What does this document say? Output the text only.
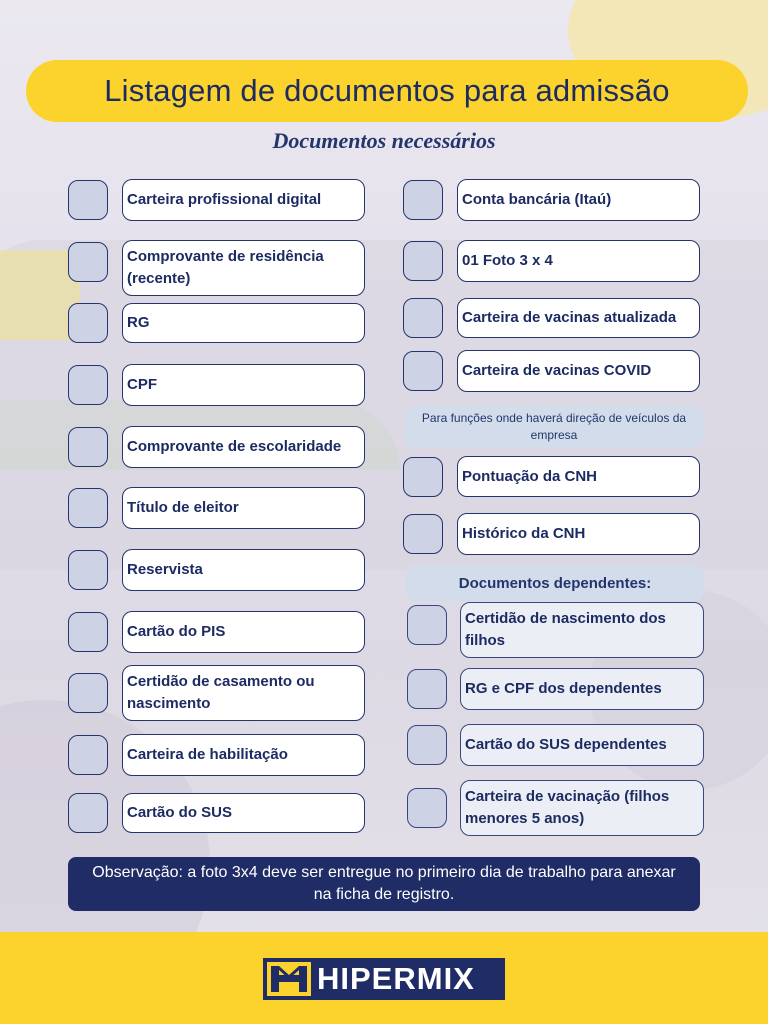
Listagem de documentos para admissão
Documentos necessários
Carteira profissional digital
Comprovante de residência (recente)
RG
CPF
Comprovante de escolaridade
Título de eleitor
Reservista
Cartão do PIS
Certidão de casamento ou nascimento
Carteira de habilitação
Cartão do SUS
Conta bancária (Itaú)
01 Foto 3 x 4
Carteira de vacinas atualizada
Carteira de vacinas COVID
Para funções onde haverá direção de veículos da empresa
Pontuação da CNH
Histórico da CNH
Documentos dependentes:
Certidão de nascimento dos filhos
RG e CPF dos dependentes
Cartão do SUS dependentes
Carteira de vacinação (filhos menores 5 anos)
Observação: a foto 3x4 deve ser entregue no primeiro dia de trabalho para anexar na ficha de registro.
HIPERMIX
